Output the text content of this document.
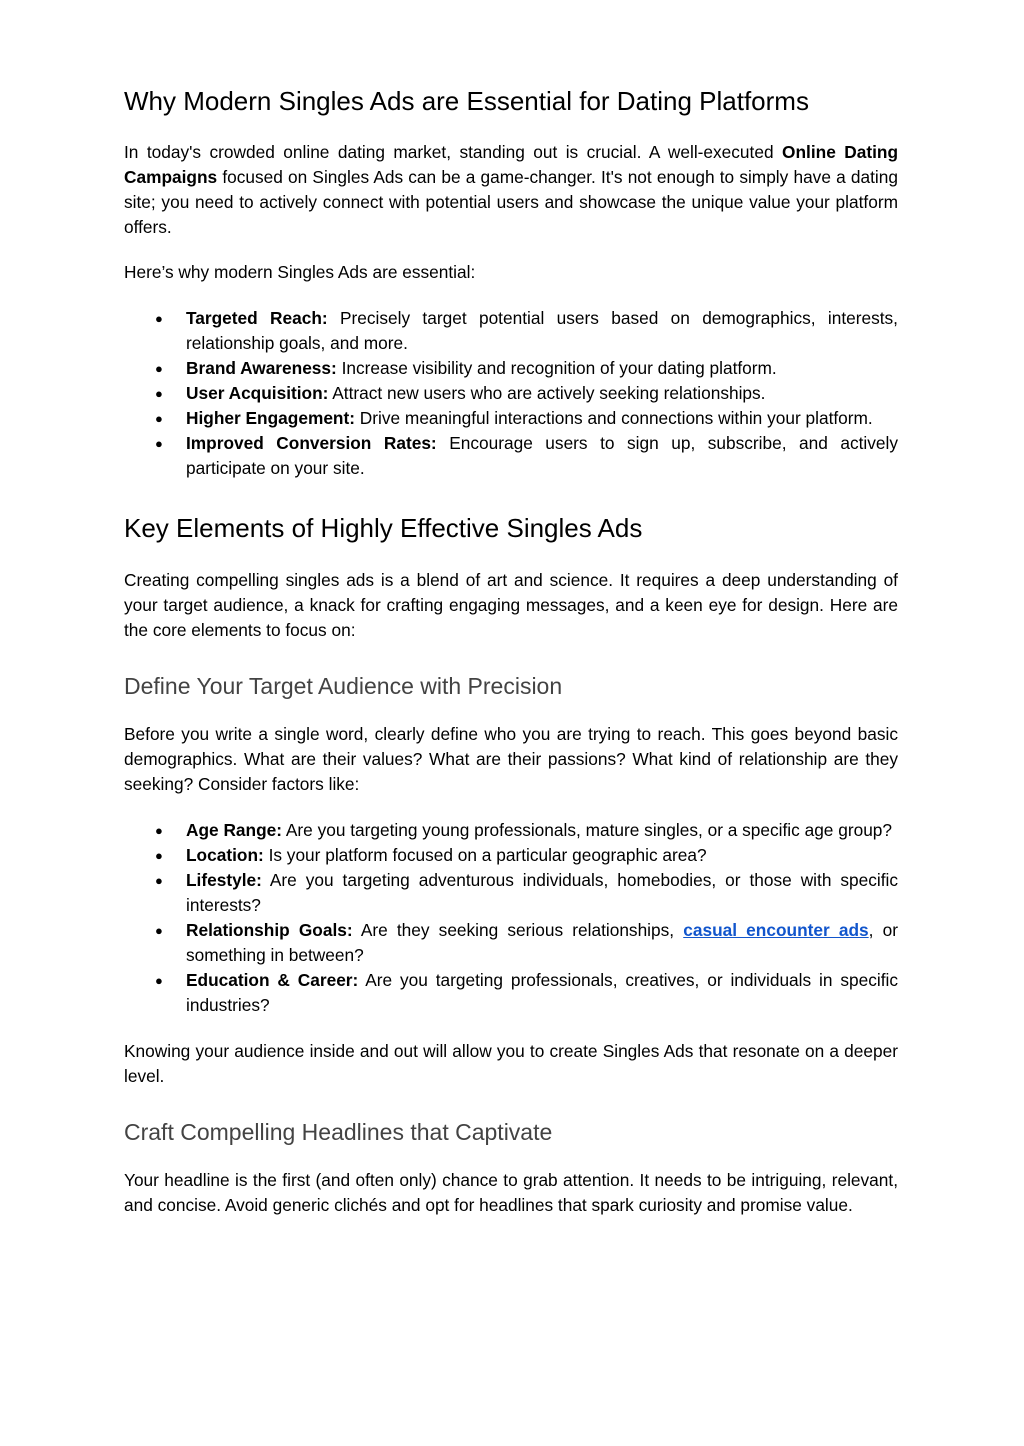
Why Modern Singles Ads are Essential for Dating Platforms

In today's crowded online dating market, standing out is crucial. A well-executed Online Dating Campaigns focused on Singles Ads can be a game-changer. It's not enough to simply have a dating site; you need to actively connect with potential users and showcase the unique value your platform offers.

Here’s why modern Singles Ads are essential:

● Targeted Reach: Precisely target potential users based on demographics, interests, relationship goals, and more.
● Brand Awareness: Increase visibility and recognition of your dating platform.
● User Acquisition: Attract new users who are actively seeking relationships.
● Higher Engagement: Drive meaningful interactions and connections within your platform.
● Improved Conversion Rates: Encourage users to sign up, subscribe, and actively participate on your site.
Key Elements of Highly Effective Singles Ads

Creating compelling singles ads is a blend of art and science. It requires a deep understanding of your target audience, a knack for crafting engaging messages, and a keen eye for design. Here are the core elements to focus on:

Define Your Target Audience with Precision

Before you write a single word, clearly define who you are trying to reach. This goes beyond basic demographics. What are their values? What are their passions? What kind of relationship are they seeking? Consider factors like:

● Age Range: Are you targeting young professionals, mature singles, or a specific age group?
● Location: Is your platform focused on a particular geographic area?
● Lifestyle: Are you targeting adventurous individuals, homebodies, or those with specific interests?
● Relationship Goals: Are they seeking serious relationships, casual encounter ads, or something in between?
● Education & Career: Are you targeting professionals, creatives, or individuals in specific industries?

Knowing your audience inside and out will allow you to create Singles Ads that resonate on a deeper level.

Craft Compelling Headlines that Captivate

Your headline is the first (and often only) chance to grab attention. It needs to be intriguing, relevant, and concise. Avoid generic clichés and opt for headlines that spark curiosity and promise value.
